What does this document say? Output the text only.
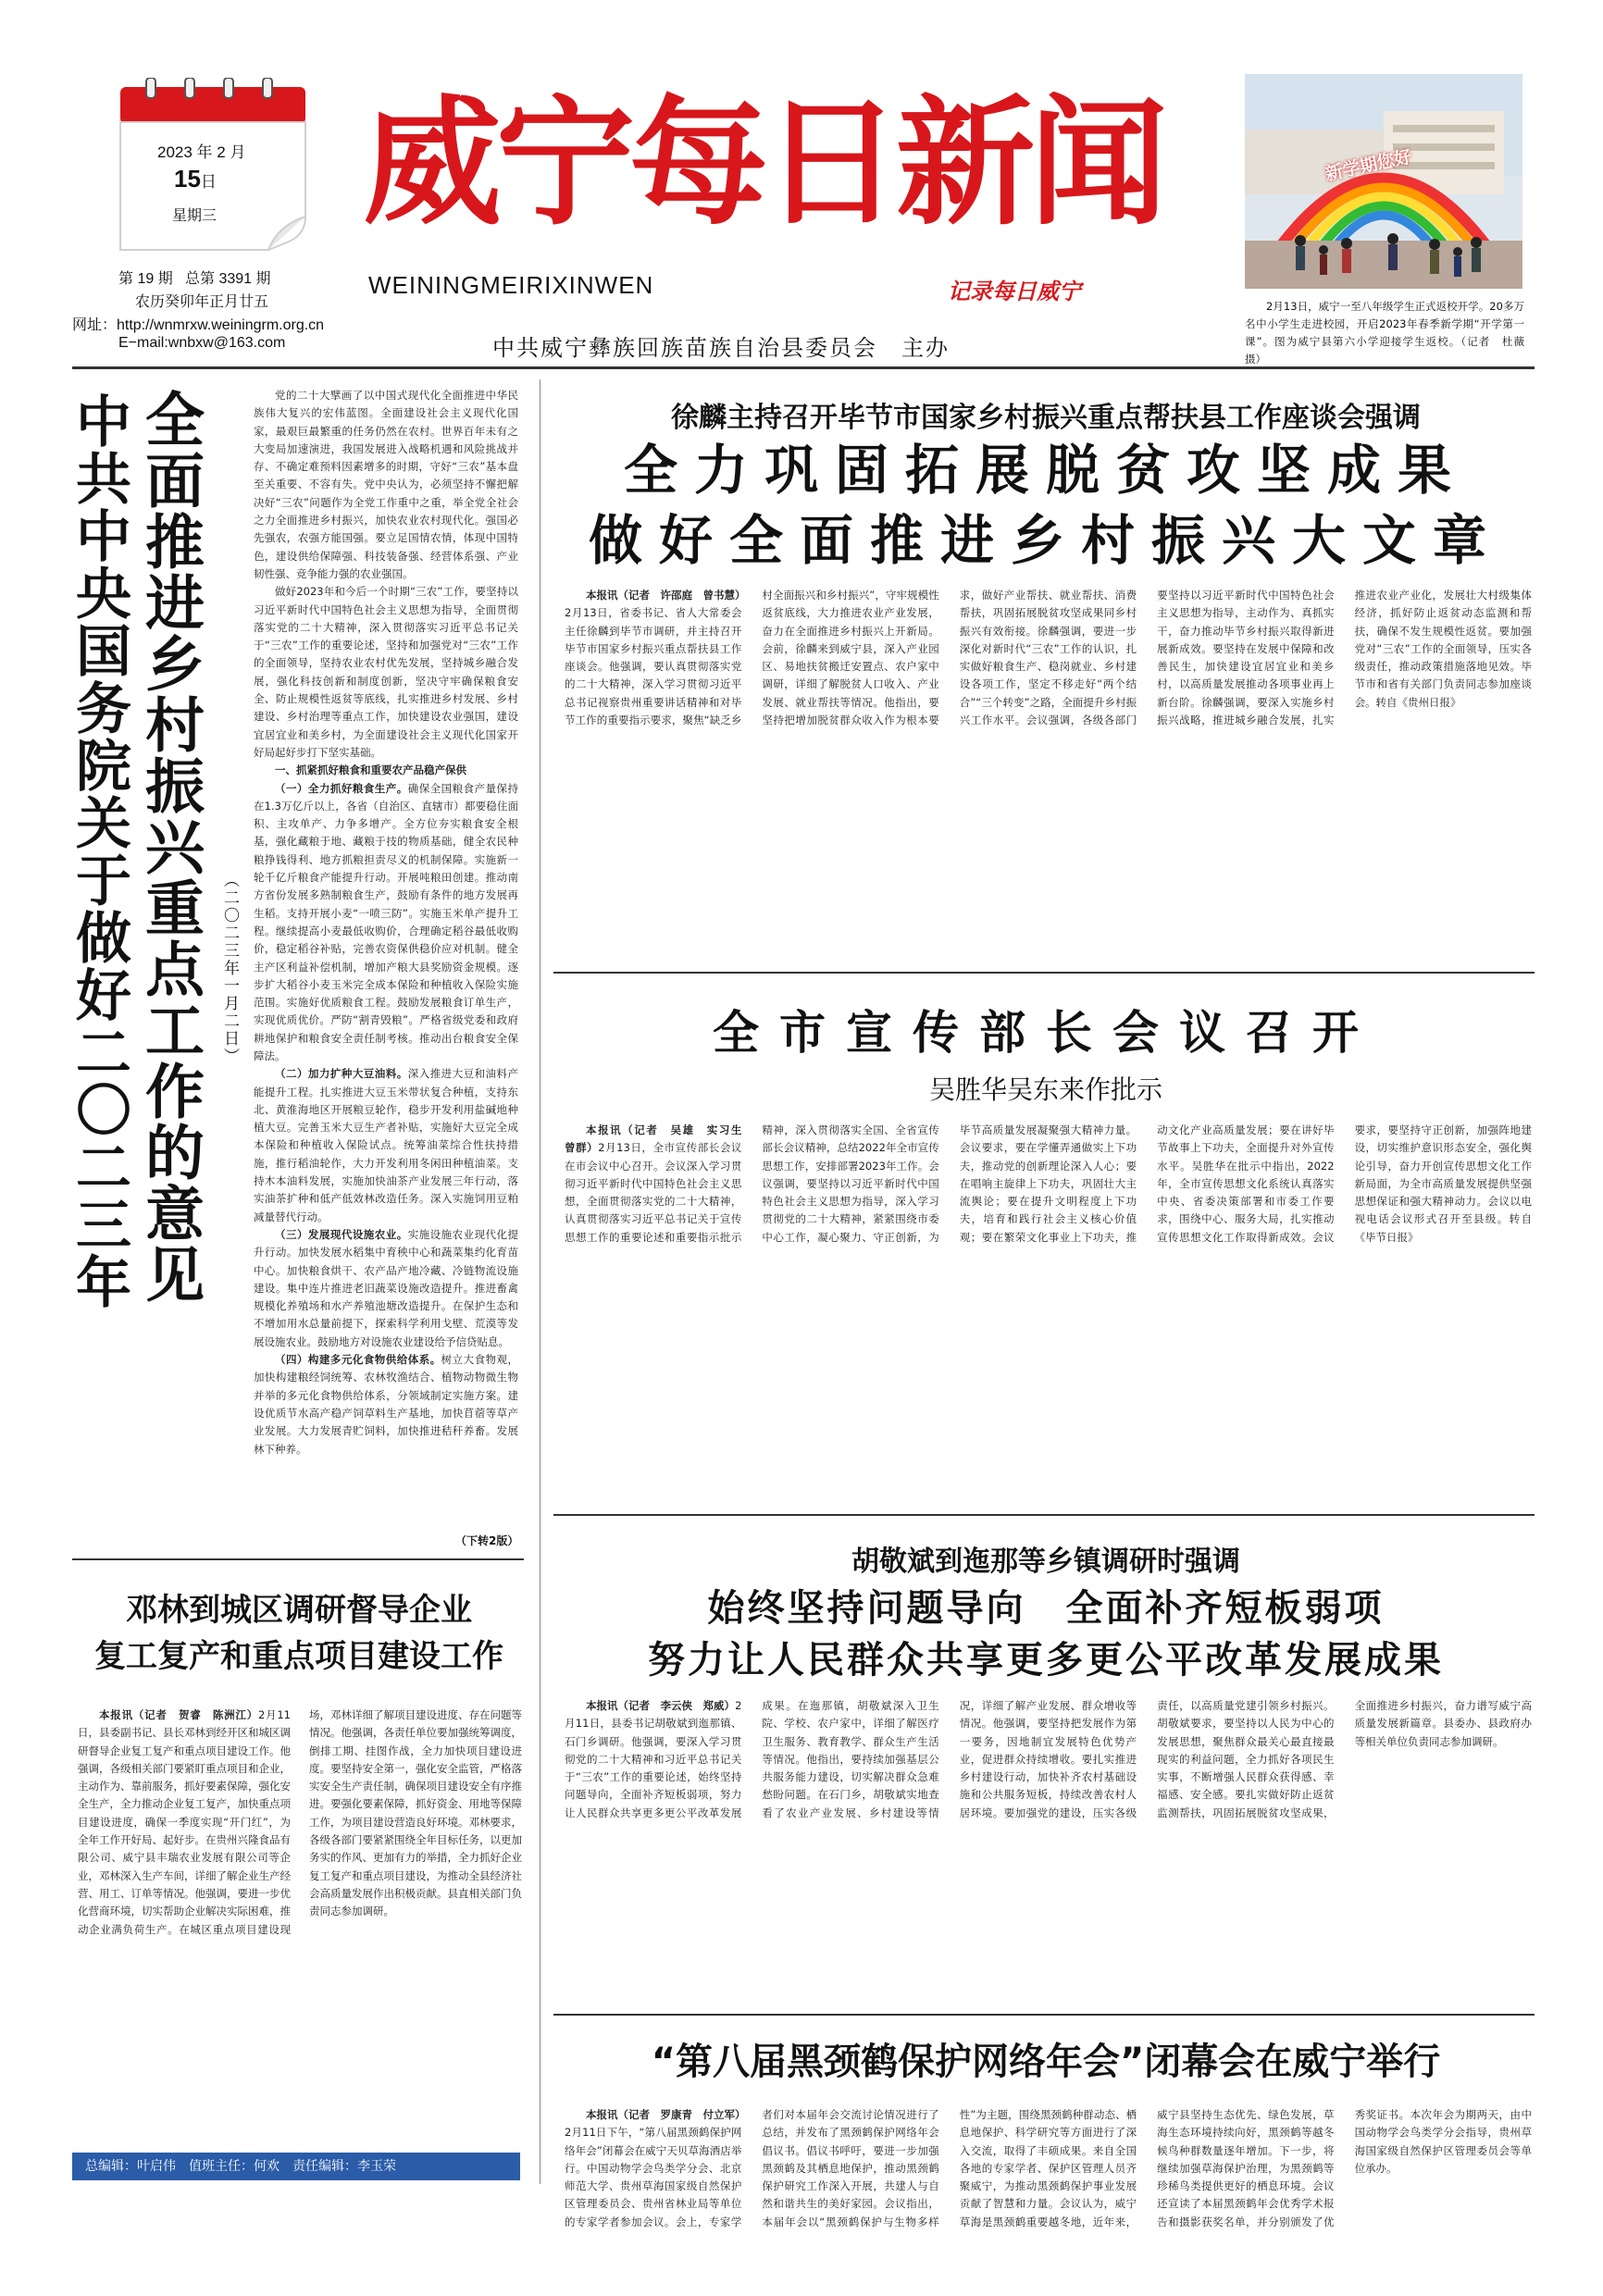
2023 年 2 月
15日
星期三
第 19 期   总第 3391 期
农历癸卯年正月廿五
网址：http://wnmrxw.weiningrm.org.cn
E−mail:wnbxw@163.com
威宁每日新闻
WEININGMEIRIXINWEN	记录每日威宁
中共威宁彝族回族苗族自治县委员会　主办
新学期您好
2月13日，威宁一至八年级学生正式返校开学。20多万名中小学生走进校园，开启2023年春季新学期“开学第一课”。图为威宁县第六小学迎接学生返校。（记者　杜薇　摄）
中共中央国务院关于做好二〇二三年 全面推进乡村振兴重点工作的意见 （二〇二三年一月二日）

党的二十大擘画了以中国式现代化全面推进中华民族伟大复兴的宏伟蓝图。全面建设社会主义现代化国家，最艰巨最繁重的任务仍然在农村。世界百年未有之大变局加速演进，我国发展进入战略机遇和风险挑战并存、不确定难预料因素增多的时期，守好“三农”基本盘至关重要、不容有失。党中央认为，必须坚持不懈把解决好“三农”问题作为全党工作重中之重，举全党全社会之力全面推进乡村振兴，加快农业农村现代化。强国必先强农，农强方能国强。要立足国情农情，体现中国特色，建设供给保障强、科技装备强、经营体系强、产业韧性强、竞争能力强的农业强国。

做好2023年和今后一个时期“三农”工作，要坚持以习近平新时代中国特色社会主义思想为指导，全面贯彻落实党的二十大精神，深入贯彻落实习近平总书记关于“三农”工作的重要论述，坚持和加强党对“三农”工作的全面领导，坚持农业农村优先发展，坚持城乡融合发展，强化科技创新和制度创新，坚决守牢确保粮食安全、防止规模性返贫等底线，扎实推进乡村发展、乡村建设、乡村治理等重点工作，加快建设农业强国，建设宜居宜业和美乡村，为全面建设社会主义现代化国家开好局起好步打下坚实基础。

一、抓紧抓好粮食和重要农产品稳产保供

（一）全力抓好粮食生产。确保全国粮食产量保持在1.3万亿斤以上，各省（自治区、直辖市）都要稳住面积、主攻单产、力争多增产。全方位夯实粮食安全根基，强化藏粮于地、藏粮于技的物质基础，健全农民种粮挣钱得利、地方抓粮担责尽义的机制保障。实施新一轮千亿斤粮食产能提升行动。开展吨粮田创建。推动南方省份发展多熟制粮食生产，鼓励有条件的地方发展再生稻。支持开展小麦“一喷三防”。实施玉米单产提升工程。继续提高小麦最低收购价，合理确定稻谷最低收购价，稳定稻谷补贴，完善农资保供稳价应对机制。健全主产区利益补偿机制，增加产粮大县奖励资金规模。逐步扩大稻谷小麦玉米完全成本保险和种植收入保险实施范围。实施好优质粮食工程。鼓励发展粮食订单生产，实现优质优价。严防“割青毁粮”。严格省级党委和政府耕地保护和粮食安全责任制考核。推动出台粮食安全保障法。

（二）加力扩种大豆油料。深入推进大豆和油料产能提升工程。扎实推进大豆玉米带状复合种植，支持东北、黄淮海地区开展粮豆轮作，稳步开发利用盐碱地种植大豆。完善玉米大豆生产者补贴，实施好大豆完全成本保险和种植收入保险试点。统筹油菜综合性扶持措施，推行稻油轮作，大力开发利用冬闲田种植油菜。支持木本油料发展，实施加快油茶产业发展三年行动，落实油茶扩种和低产低效林改造任务。深入实施饲用豆粕减量替代行动。

（三）发展现代设施农业。实施设施农业现代化提升行动。加快发展水稻集中育秧中心和蔬菜集约化育苗中心。加快粮食烘干、农产品产地冷藏、冷链物流设施建设。集中连片推进老旧蔬菜设施改造提升。推进畜禽规模化养殖场和水产养殖池塘改造提升。在保护生态和不增加用水总量前提下，探索科学利用戈壁、荒漠等发展设施农业。鼓励地方对设施农业建设给予信贷贴息。

（四）构建多元化食物供给体系。树立大食物观，加快构建粮经饲统筹、农林牧渔结合、植物动物微生物并举的多元化食物供给体系，分领域制定实施方案。建设优质节水高产稳产饲草料生产基地，加快苜蓿等草产业发展。大力发展青贮饲料，加快推进秸秆养畜。发展林下种养。

（下转2版）
徐麟主持召开毕节市国家乡村振兴重点帮扶县工作座谈会强调
全力巩固拓展脱贫攻坚成果
做好全面推进乡村振兴大文章

本报讯（记者　许邵庭　曾书慧）2月13日，省委书记、省人大常委会主任徐麟到毕节市调研，并主持召开毕节市国家乡村振兴重点帮扶县工作座谈会。他强调，要认真贯彻落实党的二十大精神，深入学习贯彻习近平总书记视察贵州重要讲话精神和对毕节工作的重要指示要求，聚焦“缺乏乡村全面振兴和乡村振兴”，守牢规模性返贫底线，大力推进农业产业发展，奋力在全面推进乡村振兴上开新局。会前，徐麟来到威宁县，深入产业园区、易地扶贫搬迁安置点、农户家中调研，详细了解脱贫人口收入、产业发展、就业帮扶等情况。他指出，要坚持把增加脱贫群众收入作为根本要求，做好产业帮扶、就业帮扶、消费帮扶，巩固拓展脱贫攻坚成果同乡村振兴有效衔接。徐麟强调，要进一步深化对新时代“三农”工作的认识，扎实做好粮食生产、稳岗就业、乡村建设各项工作，坚定不移走好“两个结合”“三个转变”之路，全面提升乡村振兴工作水平。会议强调，各级各部门要坚持以习近平新时代中国特色社会主义思想为指导，主动作为、真抓实干，奋力推动毕节乡村振兴取得新进展新成效。要坚持在发展中保障和改善民生，加快建设宜居宜业和美乡村，以高质量发展推动各项事业再上新台阶。徐麟强调，要深入实施乡村振兴战略，推进城乡融合发展，扎实推进农业产业化，发展壮大村级集体经济，抓好防止返贫动态监测和帮扶，确保不发生规模性返贫。要加强党对“三农”工作的全面领导，压实各级责任，推动政策措施落地见效。毕节市和省有关部门负责同志参加座谈会。转自《贵州日报》

全市宣传部长会议召开
吴胜华吴东来作批示

本报讯（记者　吴雄　实习生　曾群）2月13日，全市宣传部长会议在市会议中心召开。会议深入学习贯彻习近平新时代中国特色社会主义思想，全面贯彻落实党的二十大精神，认真贯彻落实习近平总书记关于宣传思想工作的重要论述和重要指示批示精神，深入贯彻落实全国、全省宣传部长会议精神，总结2022年全市宣传思想工作，安排部署2023年工作。会议强调，要坚持以习近平新时代中国特色社会主义思想为指导，深入学习贯彻党的二十大精神，紧紧围绕市委中心工作，凝心聚力、守正创新，为毕节高质量发展凝聚强大精神力量。会议要求，要在学懂弄通做实上下功夫，推动党的创新理论深入人心；要在唱响主旋律上下功夫，巩固壮大主流舆论；要在提升文明程度上下功夫，培育和践行社会主义核心价值观；要在繁荣文化事业上下功夫，推动文化产业高质量发展；要在讲好毕节故事上下功夫，全面提升对外宣传水平。吴胜华在批示中指出，2022年，全市宣传思想文化系统认真落实中央、省委决策部署和市委工作要求，围绕中心、服务大局，扎实推动宣传思想文化工作取得新成效。会议要求，要坚持守正创新，加强阵地建设，切实维护意识形态安全，强化舆论引导，奋力开创宣传思想文化工作新局面，为全市高质量发展提供坚强思想保证和强大精神动力。会议以电视电话会议形式召开至县级。转自《毕节日报》

胡敬斌到迤那等乡镇调研时强调
始终坚持问题导向　全面补齐短板弱项
努力让人民群众共享更多更公平改革发展成果

本报讯（记者　李云侠　郑威）2月11日，县委书记胡敬斌到迤那镇、石门乡调研。他强调，要深入学习贯彻党的二十大精神和习近平总书记关于“三农”工作的重要论述，始终坚持问题导向，全面补齐短板弱项，努力让人民群众共享更多更公平改革发展成果。在迤那镇，胡敬斌深入卫生院、学校、农户家中，详细了解医疗卫生服务、教育教学、群众生产生活等情况。他指出，要持续加强基层公共服务能力建设，切实解决群众急难愁盼问题。在石门乡，胡敬斌实地查看了农业产业发展、乡村建设等情况，详细了解产业发展、群众增收等情况。他强调，要坚持把发展作为第一要务，因地制宜发展特色优势产业，促进群众持续增收。要扎实推进乡村建设行动，加快补齐农村基础设施和公共服务短板，持续改善农村人居环境。要加强党的建设，压实各级责任，以高质量党建引领乡村振兴。胡敬斌要求，要坚持以人民为中心的发展思想，聚焦群众最关心最直接最现实的利益问题，全力抓好各项民生实事，不断增强人民群众获得感、幸福感、安全感。要扎实做好防止返贫监测帮扶，巩固拓展脱贫攻坚成果，全面推进乡村振兴，奋力谱写威宁高质量发展新篇章。县委办、县政府办等相关单位负责同志参加调研。

邓林到城区调研督导企业
复工复产和重点项目建设工作

本报讯（记者　贺睿　陈洲江）2月11日，县委副书记、县长邓林到经开区和城区调研督导企业复工复产和重点项目建设工作。他强调，各级相关部门要紧盯重点项目和企业，主动作为、靠前服务，抓好要素保障，强化安全生产，全力推动企业复工复产，加快重点项目建设进度，确保一季度实现“开门红”，为全年工作开好局、起好步。在贵州兴隆食品有限公司、威宁县丰瑞农业发展有限公司等企业，邓林深入生产车间，详细了解企业生产经营、用工、订单等情况。他强调，要进一步优化营商环境，切实帮助企业解决实际困难，推动企业满负荷生产。在城区重点项目建设现场，邓林详细了解项目建设进度、存在问题等情况。他强调，各责任单位要加强统筹调度，倒排工期、挂图作战，全力加快项目建设进度。要坚持安全第一，强化安全监管，严格落实安全生产责任制，确保项目建设安全有序推进。要强化要素保障，抓好资金、用地等保障工作，为项目建设营造良好环境。邓林要求，各级各部门要紧紧围绕全年目标任务，以更加务实的作风、更加有力的举措，全力抓好企业复工复产和重点项目建设，为推动全县经济社会高质量发展作出积极贡献。县直相关部门负责同志参加调研。

“第八届黑颈鹤保护网络年会”闭幕会在威宁举行

本报讯（记者　罗康青　付立军）2月11日下午，“第八届黑颈鹤保护网络年会”闭幕会在威宁天贝草海酒店举行。中国动物学会鸟类学分会、北京师范大学、贵州草海国家级自然保护区管理委员会、贵州省林业局等单位的专家学者参加会议。会上，专家学者们对本届年会交流讨论情况进行了总结，并发布了黑颈鹤保护网络年会倡议书。倡议书呼吁，要进一步加强黑颈鹤及其栖息地保护，推动黑颈鹤保护研究工作深入开展，共建人与自然和谐共生的美好家园。会议指出，本届年会以“黑颈鹤保护与生物多样性”为主题，围绕黑颈鹤种群动态、栖息地保护、科学研究等方面进行了深入交流，取得了丰硕成果。来自全国各地的专家学者、保护区管理人员齐聚威宁，为推动黑颈鹤保护事业发展贡献了智慧和力量。会议认为，威宁草海是黑颈鹤重要越冬地，近年来，威宁县坚持生态优先、绿色发展，草海生态环境持续向好，黑颈鹤等越冬候鸟种群数量逐年增加。下一步，将继续加强草海保护治理，为黑颈鹤等珍稀鸟类提供更好的栖息环境。会议还宣读了本届黑颈鹤年会优秀学术报告和摄影获奖名单，并分别颁发了优秀奖证书。本次年会为期两天，由中国动物学会鸟类学分会指导，贵州草海国家级自然保护区管理委员会等单位承办。

总编辑：叶启伟　值班主任：何欢　责任编辑：李玉荣
